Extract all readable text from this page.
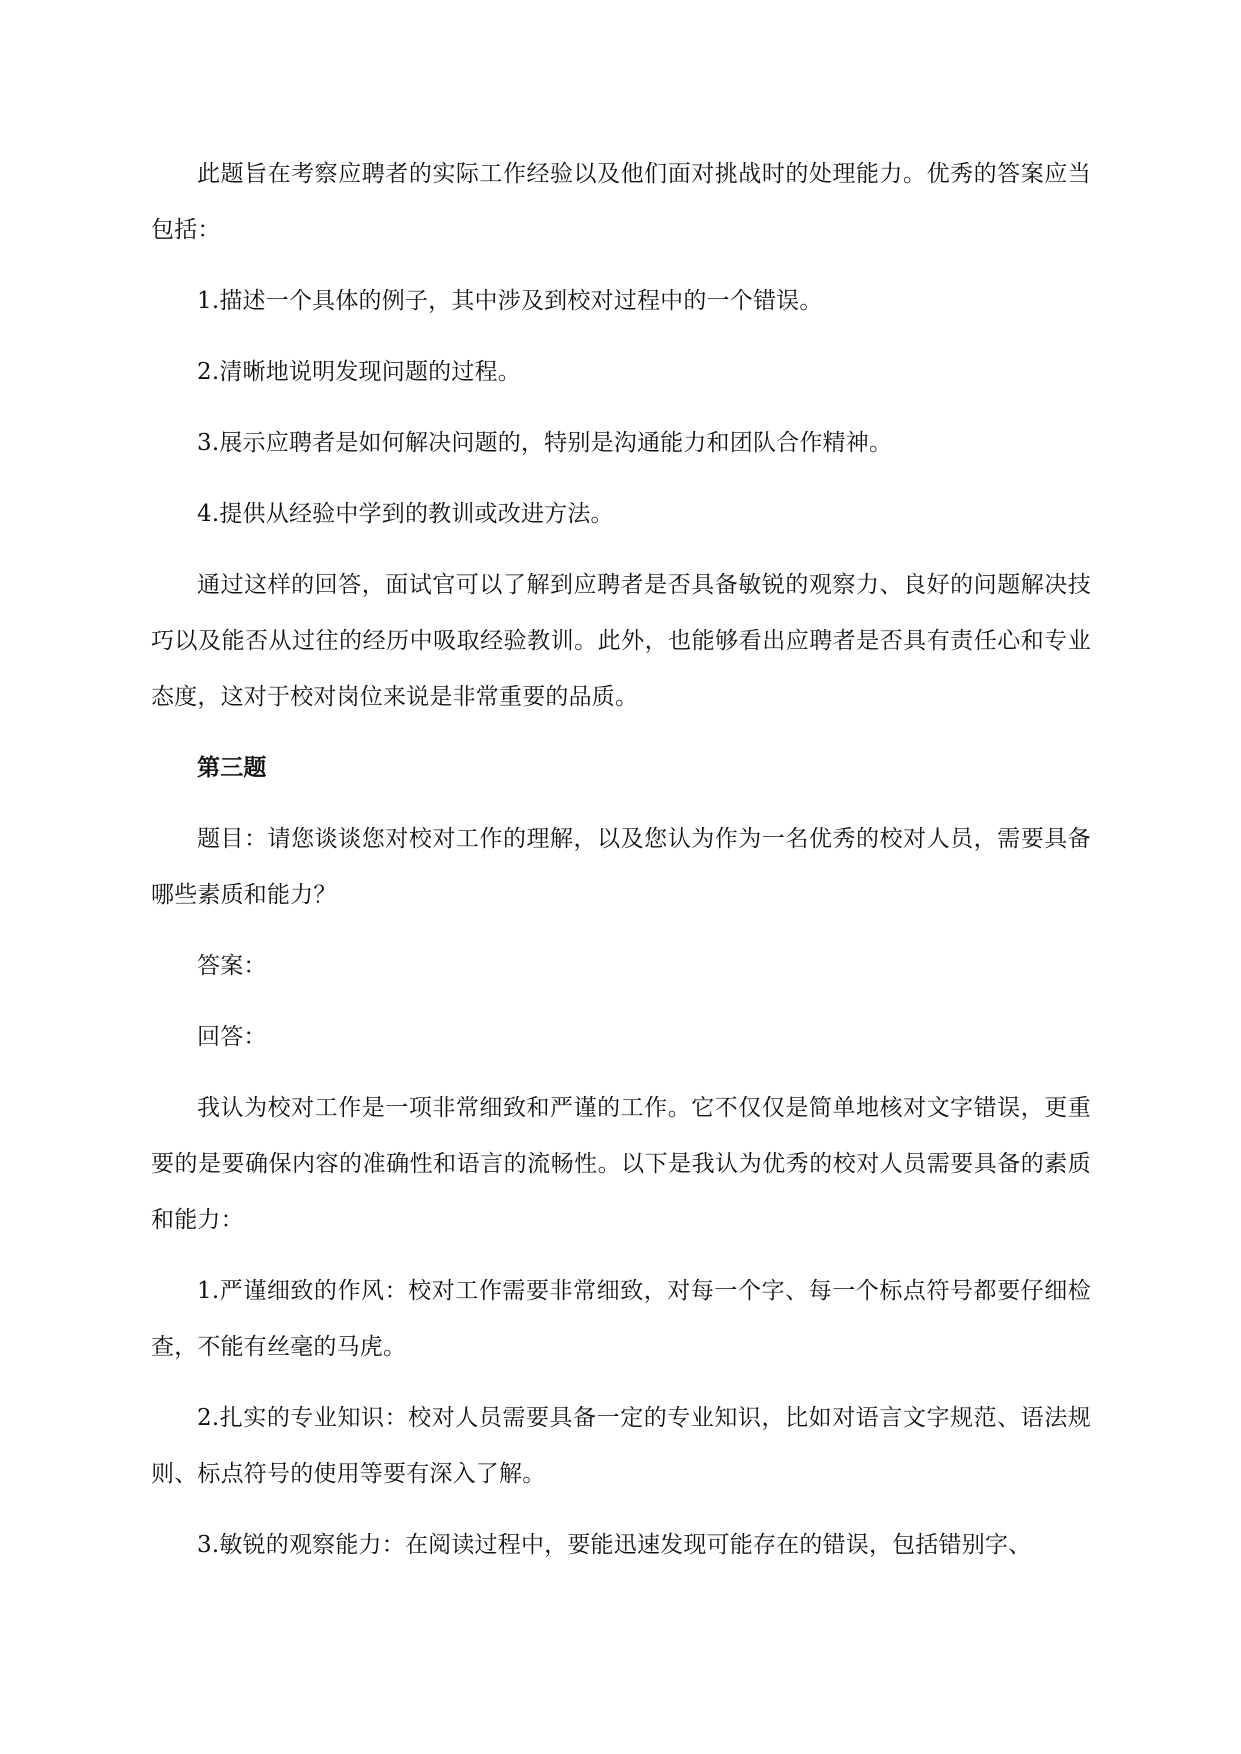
此题旨在考察应聘者的实际工作经验以及他们面对挑战时的处理能力。优秀的答案应当包括：

1.描述一个具体的例子，其中涉及到校对过程中的一个错误。

2.清晰地说明发现问题的过程。

3.展示应聘者是如何解决问题的，特别是沟通能力和团队合作精神。

4.提供从经验中学到的教训或改进方法。

通过这样的回答，面试官可以了解到应聘者是否具备敏锐的观察力、良好的问题解决技巧以及能否从过往的经历中吸取经验教训。此外，也能够看出应聘者是否具有责任心和专业态度，这对于校对岗位来说是非常重要的品质。

第三题

题目：请您谈谈您对校对工作的理解，以及您认为作为一名优秀的校对人员，需要具备哪些素质和能力？

答案：

回答：

我认为校对工作是一项非常细致和严谨的工作。它不仅仅是简单地核对文字错误，更重要的是要确保内容的准确性和语言的流畅性。以下是我认为优秀的校对人员需要具备的素质和能力：

1.严谨细致的作风：校对工作需要非常细致，对每一个字、每一个标点符号都要仔细检查，不能有丝毫的马虎。

2.扎实的专业知识：校对人员需要具备一定的专业知识，比如对语言文字规范、语法规则、标点符号的使用等要有深入了解。

3.敏锐的观察能力：在阅读过程中，要能迅速发现可能存在的错误，包括错别字、
